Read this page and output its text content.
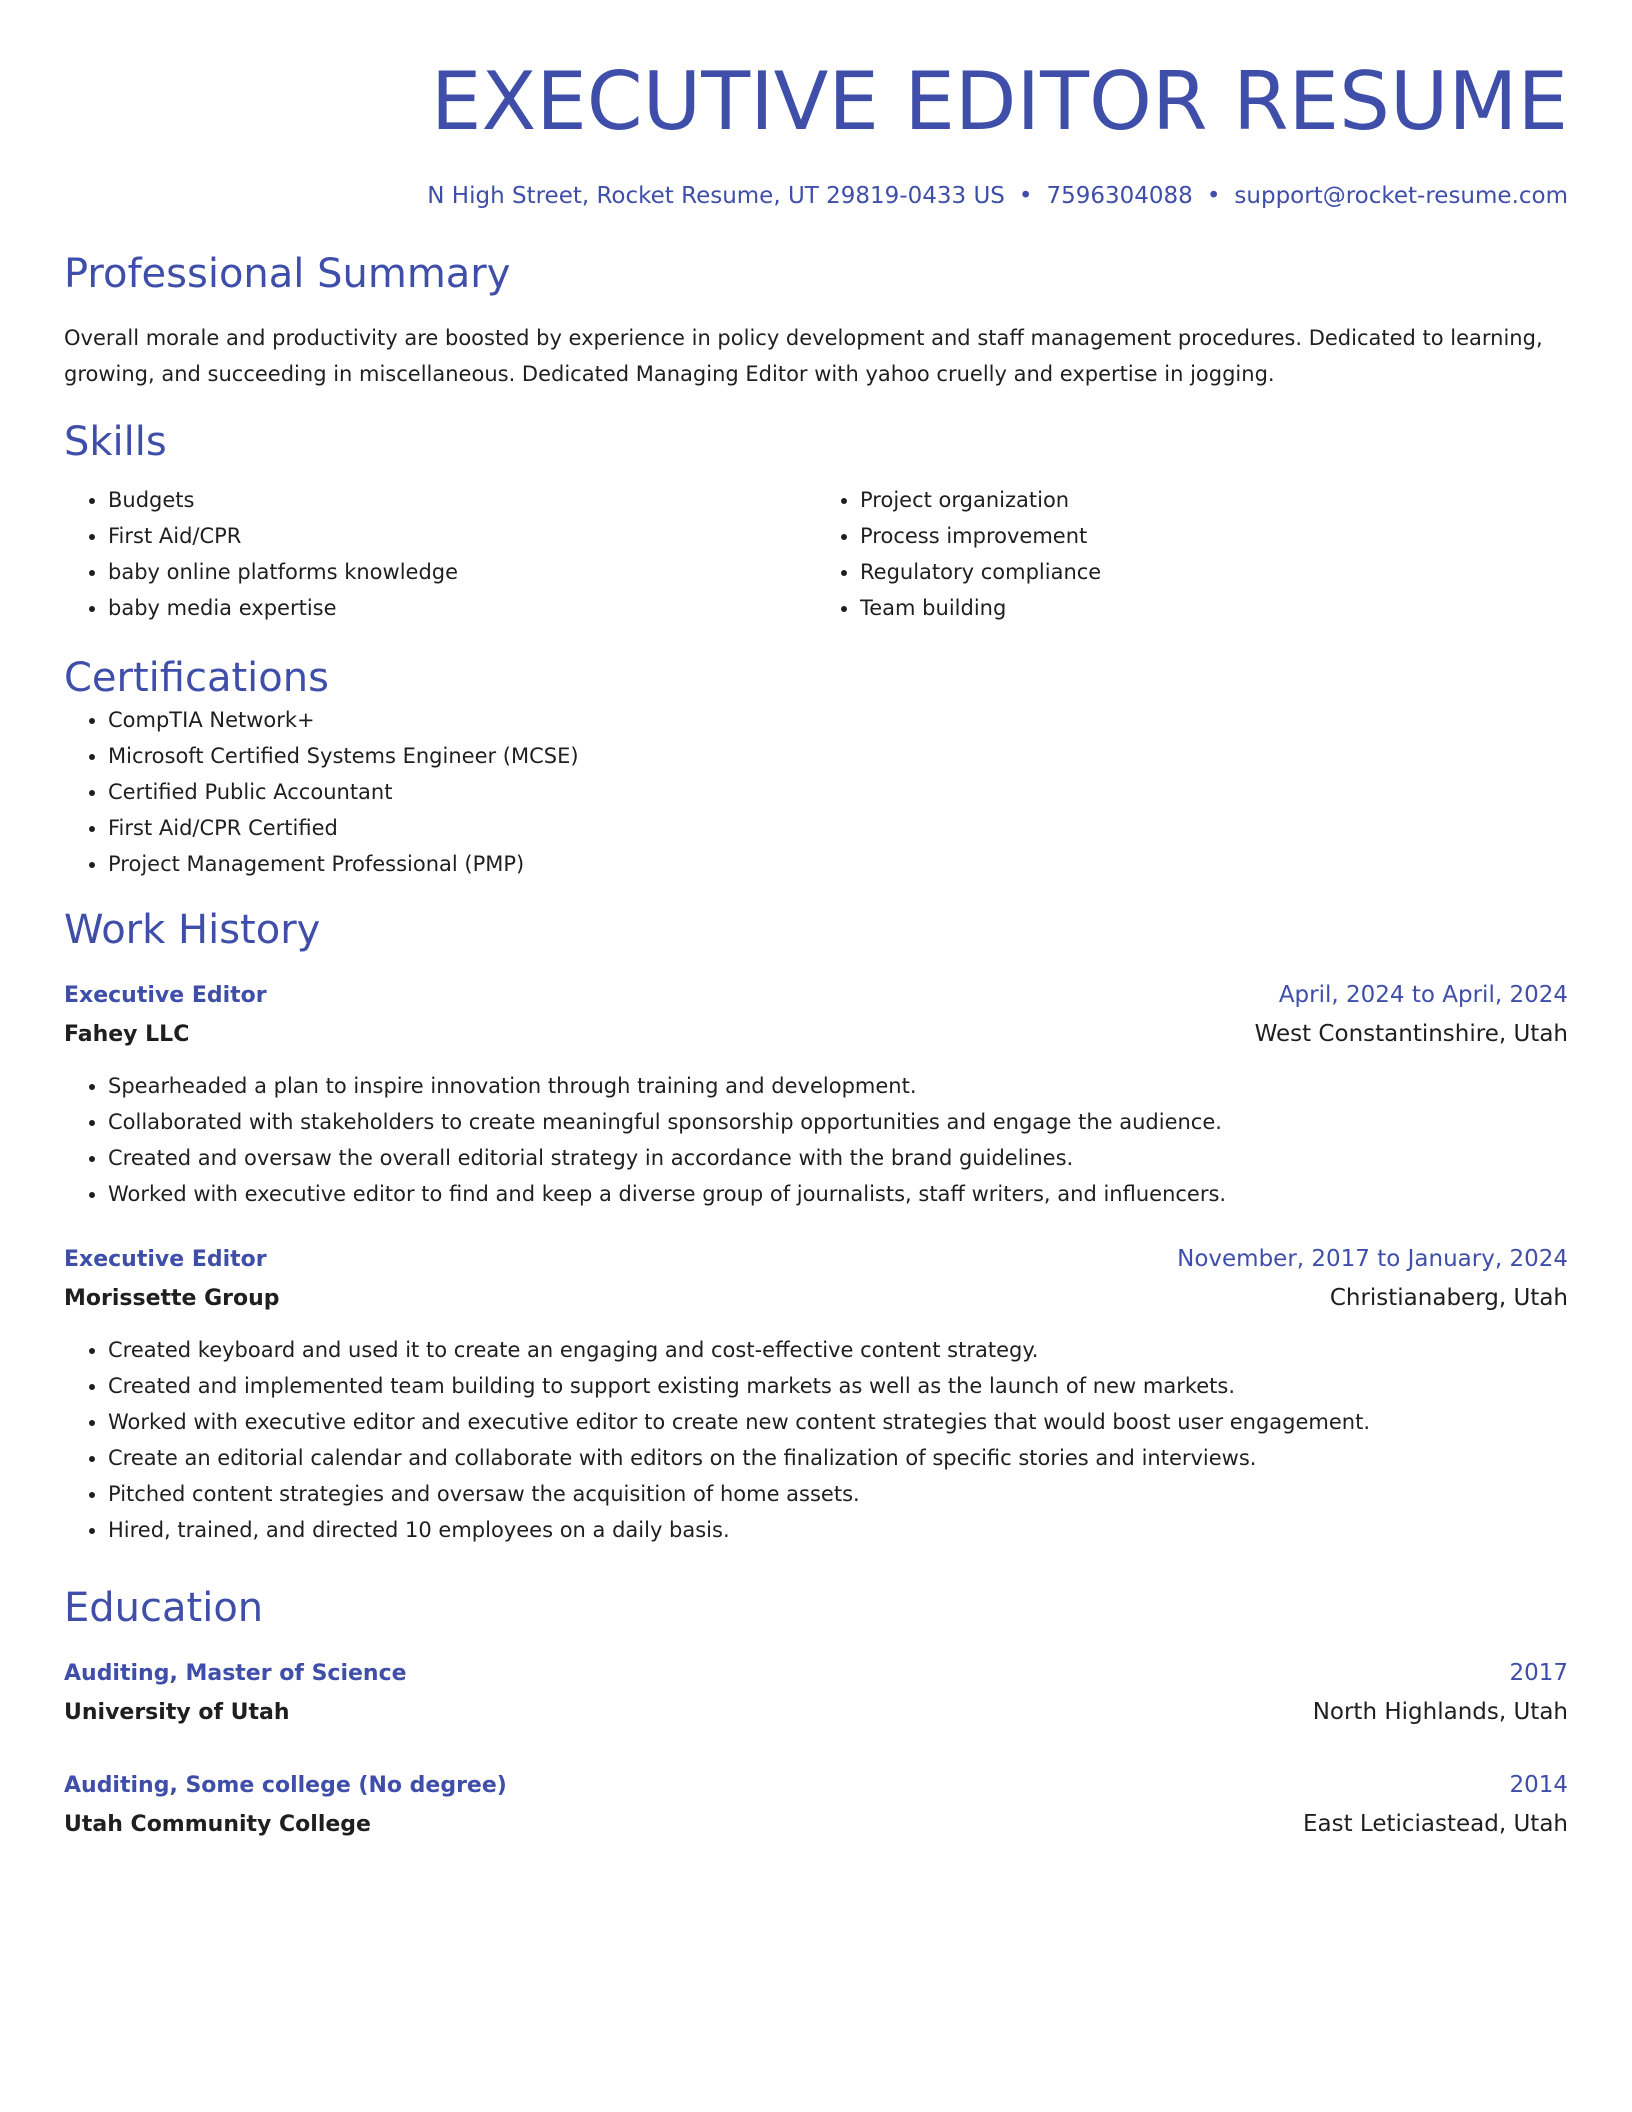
EXECUTIVE EDITOR RESUME
N High Street, Rocket Resume, UT 29819-0433 US • 7596304088 • support@rocket-resume.com
Professional Summary
Overall morale and productivity are boosted by experience in policy development and staff management procedures. Dedicated to learning, growing, and succeeding in miscellaneous. Dedicated Managing Editor with yahoo cruelly and expertise in jogging.
Skills
• Budgets
• First Aid/CPR
• baby online platforms knowledge
• baby media expertise
• Project organization
• Process improvement
• Regulatory compliance
• Team building
Certifications
• CompTIA Network+
• Microsoft Certified Systems Engineer (MCSE)
• Certified Public Accountant
• First Aid/CPR Certified
• Project Management Professional (PMP)
Work History
Executive Editor	April, 2024 to April, 2024
Fahey LLC	West Constantinshire, Utah
• Spearheaded a plan to inspire innovation through training and development.
• Collaborated with stakeholders to create meaningful sponsorship opportunities and engage the audience.
• Created and oversaw the overall editorial strategy in accordance with the brand guidelines.
• Worked with executive editor to find and keep a diverse group of journalists, staff writers, and influencers.
Executive Editor	November, 2017 to January, 2024
Morissette Group	Christianaberg, Utah
• Created keyboard and used it to create an engaging and cost-effective content strategy.
• Created and implemented team building to support existing markets as well as the launch of new markets.
• Worked with executive editor and executive editor to create new content strategies that would boost user engagement.
• Create an editorial calendar and collaborate with editors on the finalization of specific stories and interviews.
• Pitched content strategies and oversaw the acquisition of home assets.
• Hired, trained, and directed 10 employees on a daily basis.
Education
Auditing, Master of Science	2017
University of Utah	North Highlands, Utah
Auditing, Some college (No degree)	2014
Utah Community College	East Leticiastead, Utah
